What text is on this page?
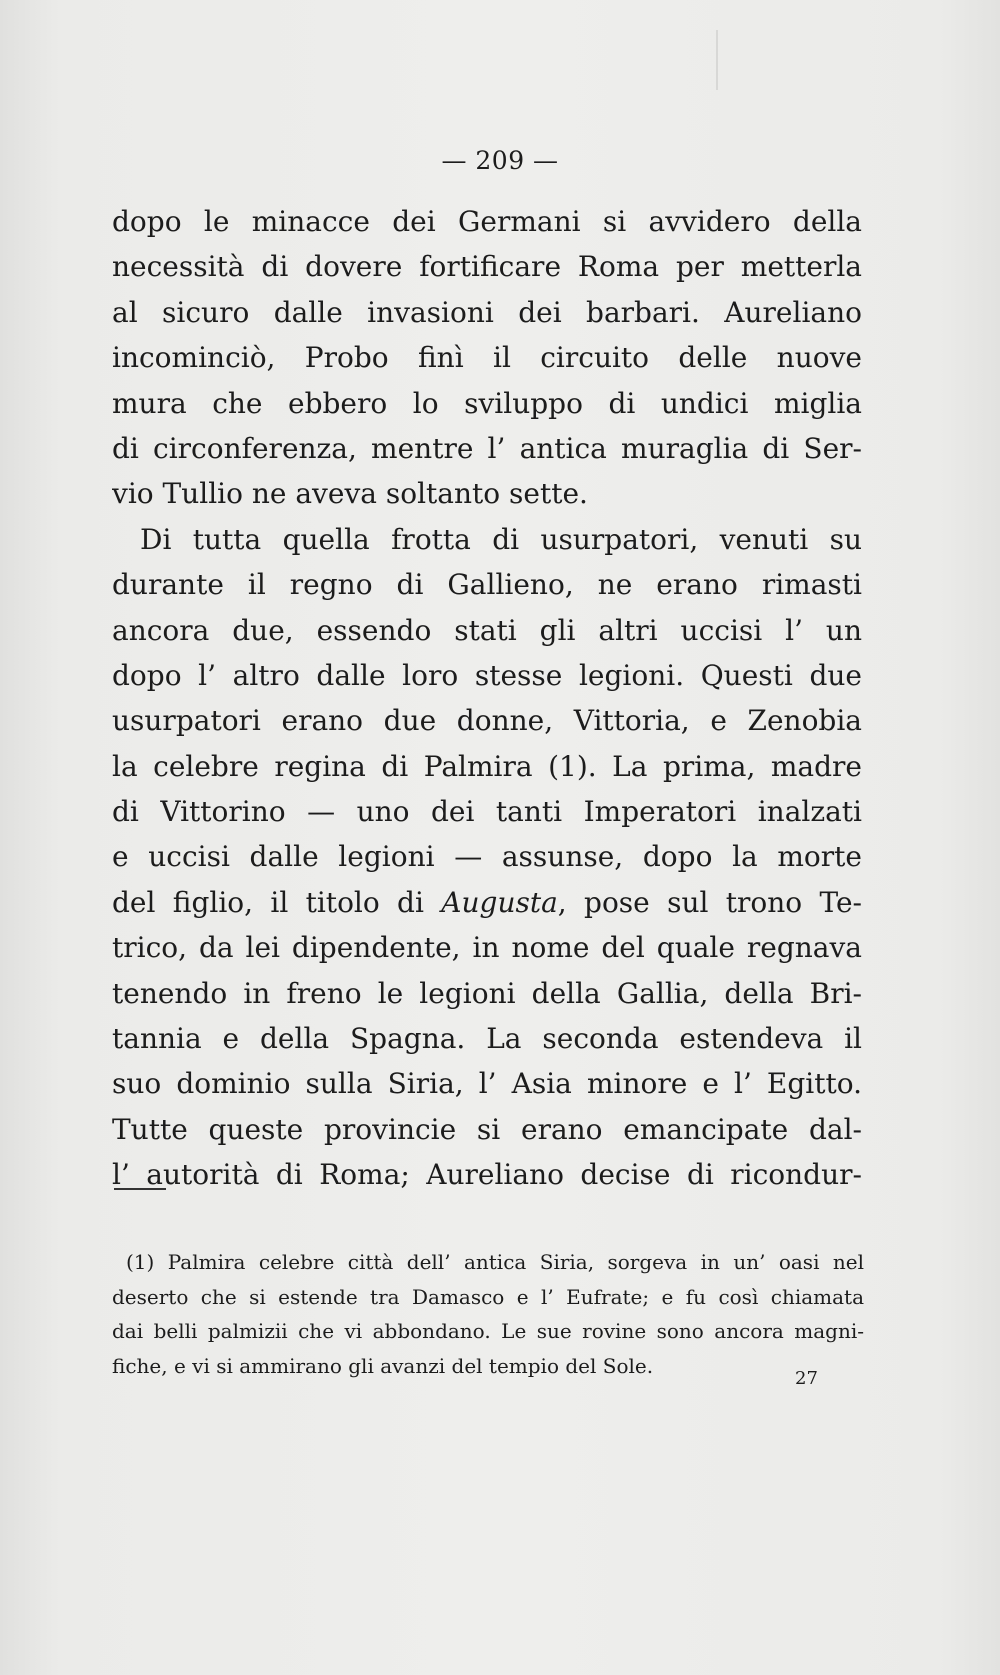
— 209 —
dopo le minacce dei Germani si avvidero della
necessità di dovere fortificare Roma per metterla
al sicuro dalle invasioni dei barbari. Aureliano
incominciò, Probo finì il circuito delle nuove
mura che ebbero lo sviluppo di undici miglia
di circonferenza, mentre l’ antica muraglia di Ser-
vio Tullio ne aveva soltanto sette.
Di tutta quella frotta di usurpatori, venuti su
durante il regno di Gallieno, ne erano rimasti
ancora due, essendo stati gli altri uccisi l’ un
dopo l’ altro dalle loro stesse legioni. Questi due
usurpatori erano due donne, Vittoria, e Zenobia
la celebre regina di Palmira (1). La prima, madre
di Vittorino — uno dei tanti Imperatori inalzati
e uccisi dalle legioni — assunse, dopo la morte
del figlio, il titolo di Augusta, pose sul trono Te-
trico, da lei dipendente, in nome del quale regnava
tenendo in freno le legioni della Gallia, della Bri-
tannia e della Spagna. La seconda estendeva il
suo dominio sulla Siria, l’ Asia minore e l’ Egitto.
Tutte queste provincie si erano emancipate dal-
l’ autorità di Roma; Aureliano decise di ricondur-
(1) Palmira celebre città dell’ antica Siria, sorgeva in un’ oasi nel
deserto che si estende tra Damasco e l’ Eufrate; e fu così chiamata
dai belli palmizii che vi abbondano. Le sue rovine sono ancora magni-
fiche, e vi si ammirano gli avanzi del tempio del Sole.
27
